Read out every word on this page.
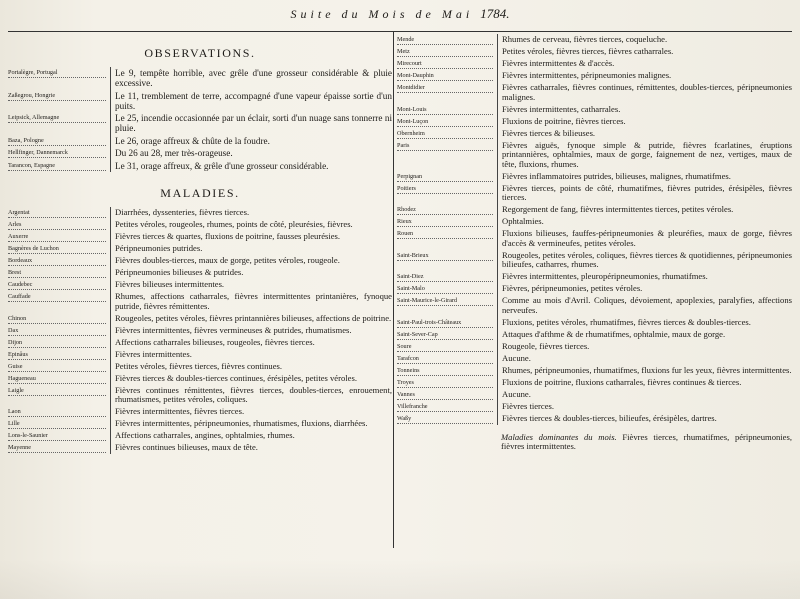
Suite du Mois de Mai 1784.
OBSERVATIONS.
Portalègre, Portugal	Le 9, tempête horrible, avec grêle d'une grosseur considérable & pluie excessive.
Zaßegrou, Hongrie	Le 11, tremblement de terre, accompagné d'une vapeur épaisse sortie d'un puits.
Leipsick, Allemagne	Le 25, incendie occasionnée par un éclair, sorti d'un nuage sans tonnerre ni pluie.
Baza, Pologne	Le 26, orage affreux & chûte de la foudre.
Hellfinger, Dannemarck	Du 26 au 28, mer très-orageuse.
Tarancon, Espagne	Le 31, orage affreux, & grêle d'une grosseur considérable.
MALADIES.
Argentat	Diarrhées, dyssenteries, fièvres tierces.
Arles	Petites véroles, rougeoles, rhumes, points de côté, pleurésies, fièvres.
Auxerre	Fièvres tierces & quartes, fluxions de poitrine, fausses pleurésies.
Bagnères de Luchon	Péripneumonies putrides.
Bordeaux	Fièvres doubles-tierces, maux de gorge, petites véroles, rougeole.
Brest	Péripneumonies bilieuses & putrides.
Caudebec	Fièvres bilieuses intermittentes.
Cauffade	Rhumes, affections catharrales, fièvres intermittentes printanières, fynoque putride, fièvres rémittentes.
Chinon	Rougeoles, petites véroles, fièvres printannières bilieuses, affections de poitrine.
Dax	Fièvres intermittentes, fièvres vermineuses & putrides, rhumatismes.
Dijon	Affections catharrales bilieuses, rougeoles, fièvres tierces.
Epinâus	Fièvres intermittentes.
Guise	Petites véroles, fièvres tierces, fièvres continues.
Hagueneau	Fièvres tierces & doubles-tierces continues, érésipèles, petites véroles.
Laigle	Fièvres continues rémittentes, fièvres tierces, doubles-tierces, enrouement, rhumatismes, petites véroles, coliques.
Laon	Fièvres intermittentes, fièvres tierces.
Lille	Fièvres intermittentes, péripneumonies, rhumatismes, fluxions, diarrhées.
Lons-le-Saunier	Affections catharrales, angines, ophtalmies, rhumes.
Mayenne	Fièvres continues bilieuses, maux de tête.
Mende	Rhumes de cerveau, fièvres tierces, coqueluche.
Metz	Petites véroles, fièvres tierces, fièvres catharrales.
Mirecourt	Fièvres intermittentes & d'accès.
Mont-Dauphin	Fièvres intermittentes, péripneumonies malignes.
Montdidier	Fièvres catharrales, fièvres continues, rémittentes, doubles-tierces, péripneumonies malignes.
Mont-Louis	Fièvres intermittentes, catharrales.
Mont-Luçon	Fluxions de poitrine, fièvres tierces.
Obernheim	Fièvres tierces & bilieuses.
Paris	Fièvres aiguës, fynoque simple & putride, fièvres fcarlatines, éruptions printannières, ophtalmies, maux de gorge, faignement de nez, vertiges, maux de tête, fluxions, rhumes.
Perpignan	Fièvres inflammatoires putrides, bilieuses, malignes, rhumatifmes.
Poitiers	Fièvres tierces, points de côté, rhumatifmes, fièvres putrides, érésipèles, fièvres tierces.
Rhodez	Regorgement de fang, fièvres intermittentes tierces, petites véroles.
Rieux	Ophtalmies.
Rouen	Fluxions bilieuses, fauffes-péripneumonies & pleuréfies, maux de gorge, fièvres d'accès & vermineufes, petites véroles.
Saint-Brieux	Rougeoles, petites véroles, coliques, fièvres tierces & quotidiennes, péripneumonies bilieufes, catharres, rhumes.
Saint-Diez	Fièvres intermittentes, pleuropéripneumonies, rhumatifmes.
Saint-Malo	Fièvres, péripneumonies, petites véroles.
Saint-Maurice-le-Girard	Comme au mois d'Avril. Coliques, dévoiement, apoplexies, paralyfies, affections nerveufes.
Saint-Paul-trois-Châteaux	Fluxions, petites véroles, rhumatifmes, fièvres tierces & doubles-tierces.
Saint-Sever-Cap	Attaques d'afthme & de rhumatifmes, ophtalmie, maux de gorge.
Soure	Rougeole, fièvres tierces.
Tarafcon	Aucune.
Tonneins	Rhumes, péripneumonies, rhumatifmes, fluxions fur les yeux, fièvres intermittentes.
Troyes	Fluxions de poitrine, fluxions catharrales, fièvres continues & tierces.
Vannes	Aucune.
Villefranche	Fièvres tierces.
Waßy	Fièvres tierces & doubles-tierces, bilieufes, érésipèles, dartres.
Maladies dominantes du mois. Fièvres tierces, rhumatifmes, péripneumonies, fièvres intermittentes.
